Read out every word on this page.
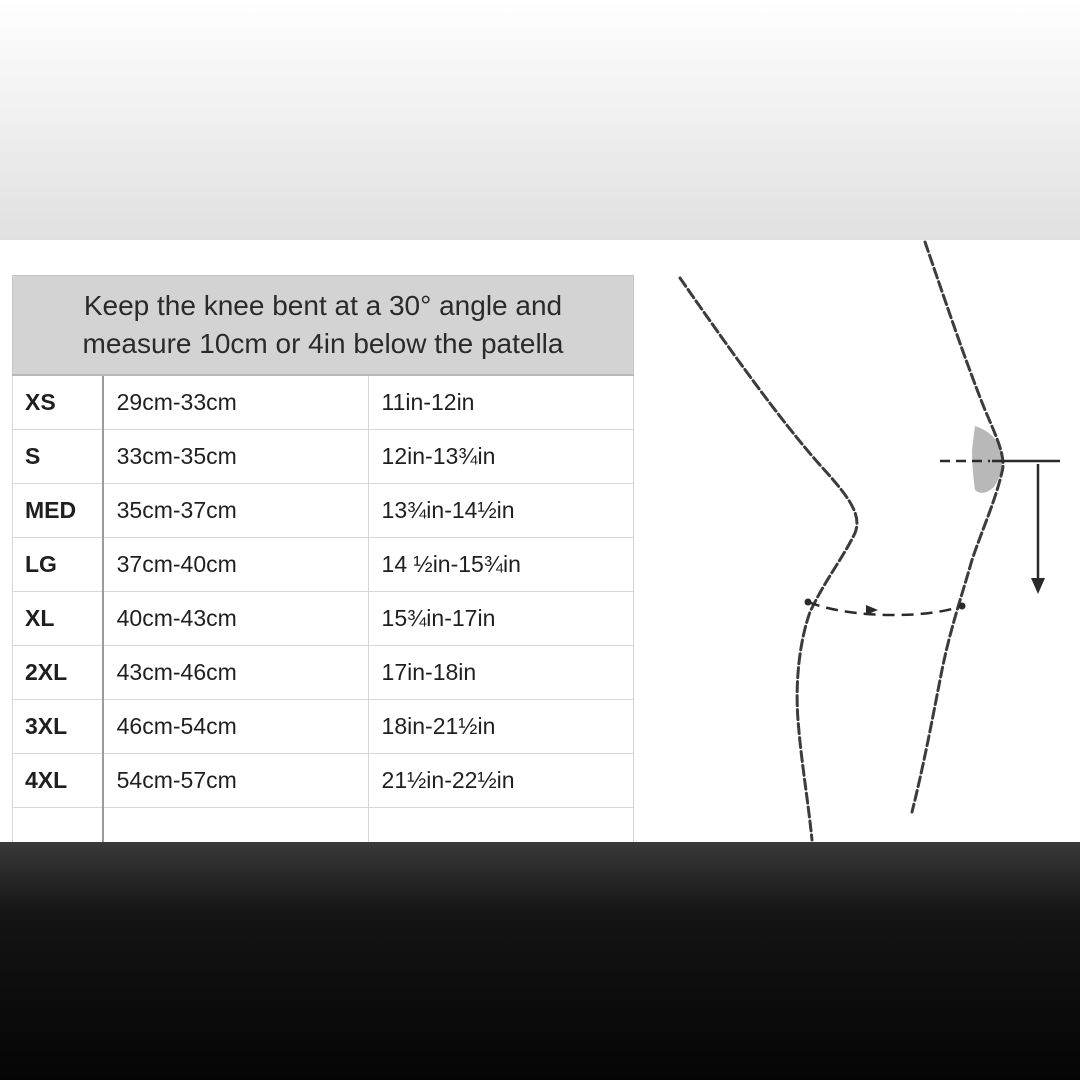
Keep the knee bent at a 30° angle and
measure 10cm or 4in below the patella		
XS	29cm-33cm	11in-12in
S	33cm-35cm	12in-13¾in
MED	35cm-37cm	13¾in-14½in
LG	37cm-40cm	14 ½in-15¾in
XL	40cm-43cm	15¾in-17in
2XL	43cm-46cm	17in-18in
3XL	46cm-54cm	18in-21½in
4XL	54cm-57cm	21½in-22½in
